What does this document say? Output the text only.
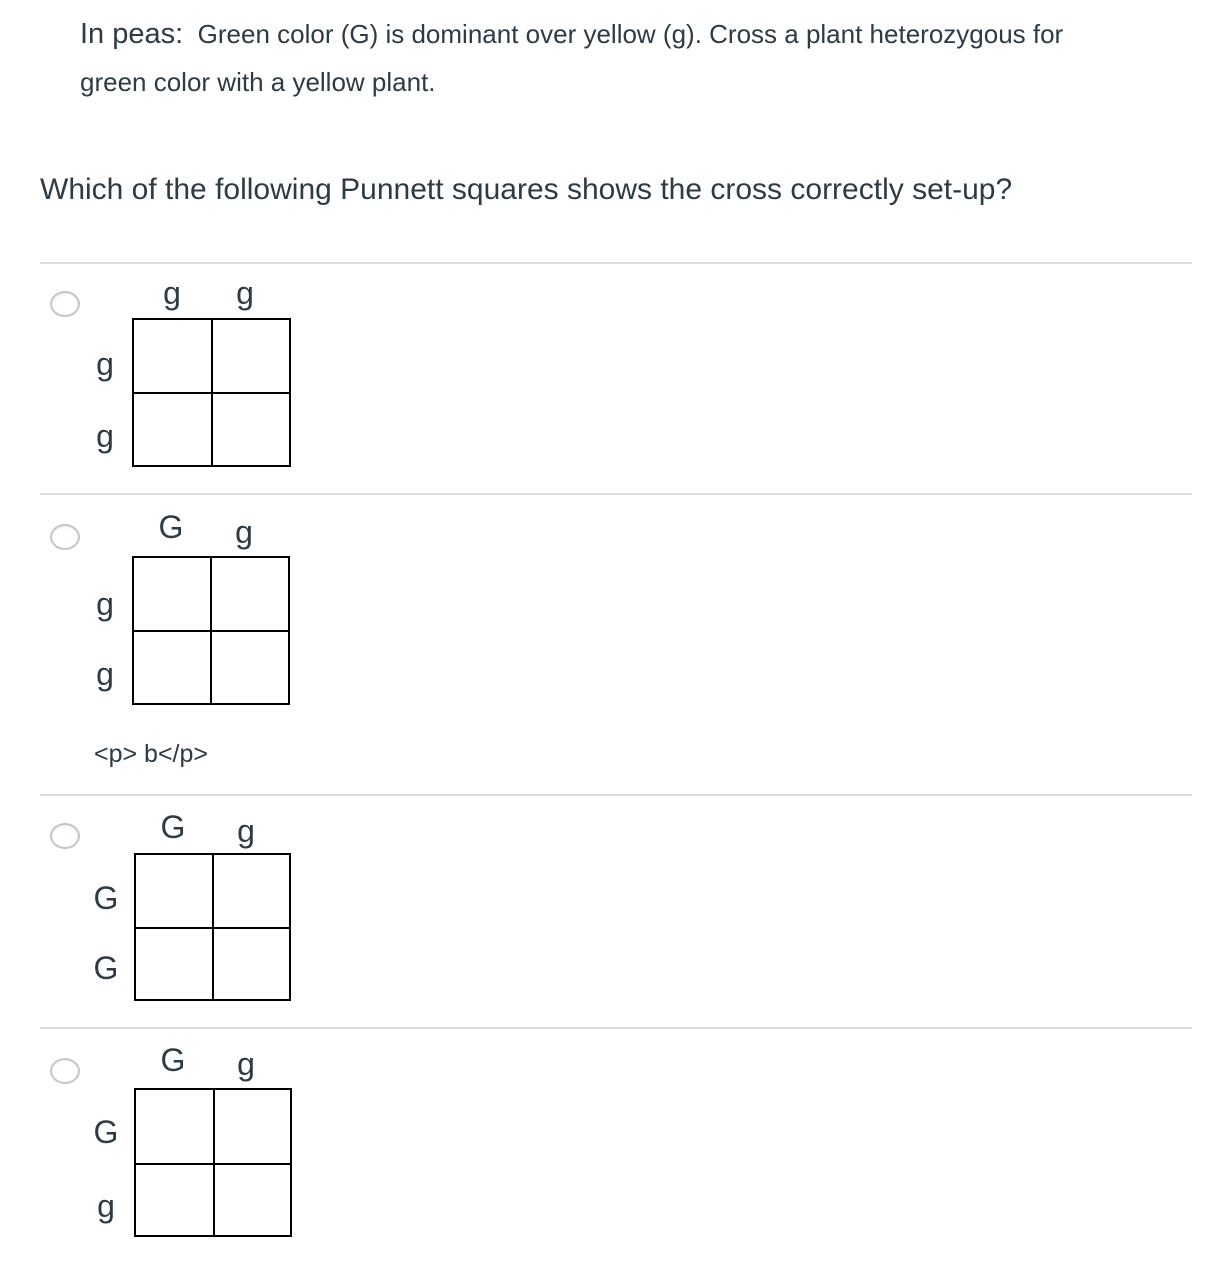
In peas: Green color (G) is dominant over yellow (g). Cross a plant heterozygous for
green color with a yellow plant.
Which of the following Punnett squares shows the cross correctly set-up?
g g
g
g
G g
g
g
<p> b</p>
G g
G
G
G g
G
g
